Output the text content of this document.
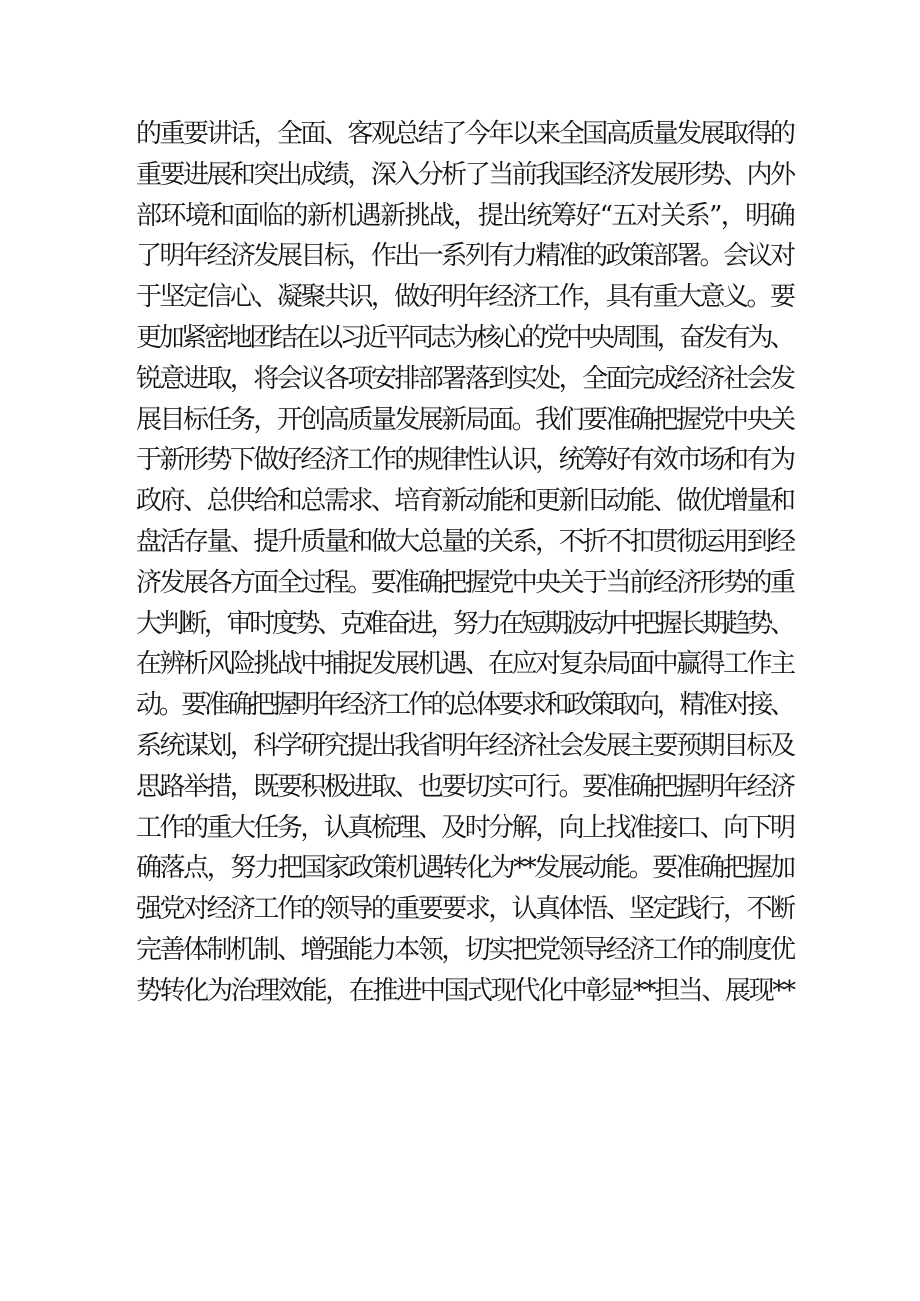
的重要讲话，全面、客观总结了今年以来全国高质量发展取得的
重要进展和突出成绩，深入分析了当前我国经济发展形势、内外
部环境和面临的新机遇新挑战，提出统筹好“五对关系”，明确
了明年经济发展目标，作出一系列有力精准的政策部署。会议对
于坚定信心、凝聚共识，做好明年经济工作，具有重大意义。要
更加紧密地团结在以习近平同志为核心的党中央周围，奋发有为、
锐意进取，将会议各项安排部署落到实处，全面完成经济社会发
展目标任务，开创高质量发展新局面。我们要准确把握党中央关
于新形势下做好经济工作的规律性认识，统筹好有效市场和有为
政府、总供给和总需求、培育新动能和更新旧动能、做优增量和
盘活存量、提升质量和做大总量的关系，不折不扣贯彻运用到经
济发展各方面全过程。要准确把握党中央关于当前经济形势的重
大判断，审时度势、克难奋进，努力在短期波动中把握长期趋势、
在辨析风险挑战中捕捉发展机遇、在应对复杂局面中赢得工作主
动。要准确把握明年经济工作的总体要求和政策取向，精准对接、
系统谋划，科学研究提出我省明年经济社会发展主要预期目标及
思路举措，既要积极进取、也要切实可行。要准确把握明年经济
工作的重大任务，认真梳理、及时分解，向上找准接口、向下明
确落点，努力把国家政策机遇转化为**发展动能。要准确把握加
强党对经济工作的领导的重要要求，认真体悟、坚定践行，不断
完善体制机制、增强能力本领，切实把党领导经济工作的制度优
势转化为治理效能，在推进中国式现代化中彰显**担当、展现**
